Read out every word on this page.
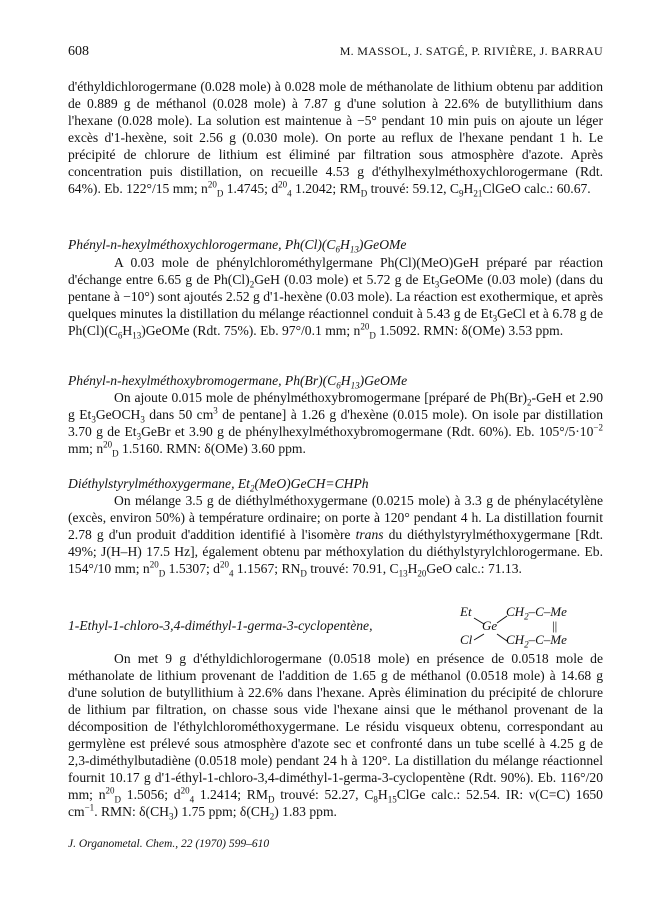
608	M. MASSOL, J. SATGÉ, P. RIVIÈRE, J. BARRAU

d'éthyldichlorogermane (0.028 mole) à 0.028 mole de méthanolate de lithium obtenu par addition de 0.889 g de méthanol (0.028 mole) à 7.87 g d'une solution à 22.6% de butyllithium dans l'hexane (0.028 mole). La solution est maintenue à −5° pendant 10 min puis on ajoute un léger excès d'1-hexène, soit 2.56 g (0.030 mole). On porte au reflux de l'hexane pendant 1 h. Le précipité de chlorure de lithium est éliminé par filtration sous atmosphère d'azote. Après concentration puis distillation, on recueille 4.53 g d'éthylhexylméthoxychlorogermane (Rdt. 64%). Eb. 122°/15 mm; $n^{20}_D$ 1.4745; $d^{20}_4$ 1.2042; $RM_D$ trouvé: 59.12, $C_9H_{21}ClGeO$ calc.: 60.67.

Phényl-n-hexylméthoxychlorogermane, $Ph(Cl)(C_6H_{13})GeOMe$

A 0.03 mole de phénylchlorométhylgermane Ph(Cl)(MeO)GeH préparé par réaction d'échange entre 6.65 g de $Ph(Cl)_2GeH$ (0.03 mole) et 5.72 g de $Et_3GeOMe$ (0.03 mole) (dans du pentane à −10°) sont ajoutés 2.52 g d'1-hexène (0.03 mole). La réaction est exothermique, et après quelques minutes la distillation du mélange réactionnel conduit à 5.43 g de $Et_3GeCl$ et à 6.78 g de $Ph(Cl)(C_6H_{13})GeOMe$ (Rdt. 75%). Eb. 97°/0.1 mm; $n^{20}_D$ 1.5092. RMN: δ(OMe) 3.53 ppm.

Phényl-n-hexylméthoxybromogermane, $Ph(Br)(C_6H_{13})GeOMe$

On ajoute 0.015 mole de phénylméthoxybromogermane [préparé de $Ph(Br)_2$-GeH et 2.90 g $Et_3GeOCH_3$ dans 50 $cm^3$ de pentane] à 1.26 g d'hexène (0.015 mole). On isole par distillation 3.70 g de $Et_3GeBr$ et 3.90 g de phénylhexylméthoxybromogermane (Rdt. 60%). Eb. $105^\circ/5\cdot 10^{-2}$ mm; $n^{20}_D$ 1.5160. RMN: δ(OMe) 3.60 ppm.

Diéthylstyrylméthoxygermane, $Et_2(MeO)GeCH=CHPh$

On mélange 3.5 g de diéthylméthoxygermane (0.0215 mole) à 3.3 g de phénylacétylène (excès, environ 50%) à température ordinaire; on porte à 120° pendant 4 h. La distillation fournit 2.78 g d'un produit d'addition identifié à l'isomère trans du diéthylstyrylméthoxygermane [Rdt. 49%; J(H–H) 17.5 Hz], également obtenu par méthoxylation du diéthylstyrylchlorogermane. Eb. 154°/10 mm; $n^{20}_D$ 1.5307; $d^{20}_4$ 1.1567; $RN_D$ trouvé: 70.91, $C_{13}H_{20}GeO$ calc.: 71.13.

1-Ethyl-1-chloro-3,4-diméthyl-1-germa-3-cyclopentène,
Et	$CH_2-C-Me$
Ge	||
Cl	$CH_2-C-Me$

On met 9 g d'éthyldichlorogermane (0.0518 mole) en présence de 0.0518 mole de méthanolate de lithium provenant de l'addition de 1.65 g de méthanol (0.0518 mole) à 14.68 g d'une solution de butyllithium à 22.6% dans l'hexane. Après élimination du précipité de chlorure de lithium par filtration, on chasse sous vide l'hexane ainsi que le méthanol provenant de la décomposition de l'éthylchlorométhoxygermane. Le résidu visqueux obtenu, correspondant au germylène est prélevé sous atmosphère d'azote sec et confronté dans un tube scellé à 4.25 g de 2,3-diméthylbutadiène (0.0518 mole) pendant 24 h à 120°. La distillation du mélange réactionnel fournit 10.17 g d'1-éthyl-1-chloro-3,4-diméthyl-1-germa-3-cyclopentène (Rdt. 90%). Eb. 116°/20 mm; $n^{20}_D$ 1.5056; $d^{20}_4$ 1.2414; $RM_D$ trouvé: 52.27, $C_8H_{15}ClGe$ calc.: 52.54. IR: ν(C=C) 1650 $cm^{-1}$. RMN: $\delta(CH_3)$ 1.75 ppm; $\delta(CH_2)$ 1.83 ppm.

J. Organometal. Chem., 22 (1970) 599–610
